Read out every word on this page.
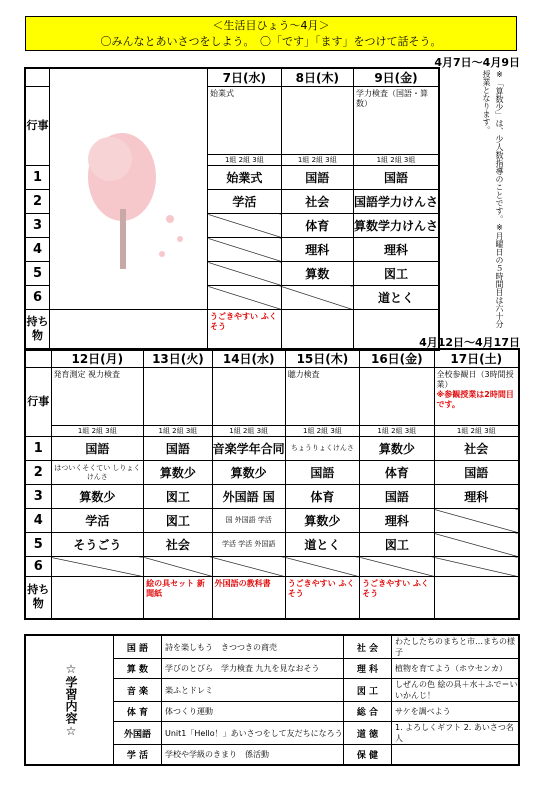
＜生活目ひょう〜4月＞
〇みんなとあいさつをしよう。　〇「です」「ます」をつけて話そう。
4月7日〜4月9日
		7日(水)	8日(木)	9日(金)
行事		始業式		学力検査（国語・算数）
		1組 2組 3組	1組 2組 3組	1組 2組 3組
1		始業式	国語	国語
2		学活	社会	国語学力けんさ
3			体育	算数学力けんさ
4			理科	理科
5			算数	図工
6				道とく
持ち物		うごきやすい ふくそう			※「算数少」は、少人数指導のことです。※月曜日の５時間目は六十分授業となります。
4月12日〜4月17日
	12日(月)	13日(火)	14日(水)	15日(木)	16日(金)	17日(土)
行事	発育測定 視力検査			聴力検査		全校参観日（3時間授業）
※参観授業は2時間目です。

	1組 2組 3組	1組 2組 3組	1組 2組 3組	1組 2組 3組	1組 2組 3組	1組 2組 3組
1	国語	国語	音楽学年合同	ちょうりょくけんさ	算数少	社会
2	はついくそくてい しりょくけんさ	算数少	算数少	国語	体育	国語
3	算数少	図工	外国語 国	体育	国語	理科
4	学活	図工	国 外国語 学活	算数少	理科	
5	そうごう	社会	学活 学活 外国語	道とく	図工	
6						
持ち物		絵の具セット 新聞紙	外国語の教科書	うごきやすい ふくそう	うごきやすい ふくそう	
☆学習内容☆	国 語	詩を楽しもう　きつつきの商売	社 会	わたしたちのまちと市…まちの様子
	算 数	学びのとびら　学力検査 九九を見なおそう	理 科	植物を育てよう（ホウセンカ）
	音 楽	楽ふとドレミ	図 工	しぜんの色 絵の具＋水＋ふで＝いいかんじ！
	体 育	体つくり運動	総 合	サケを調べよう
	外国語	Unit1「Hello！」あいさつをして友だちになろう	道 徳	1. よろしくギフト 2. あいさつ名人
	学 活	学校や学級のきまり　係活動	保 健	
